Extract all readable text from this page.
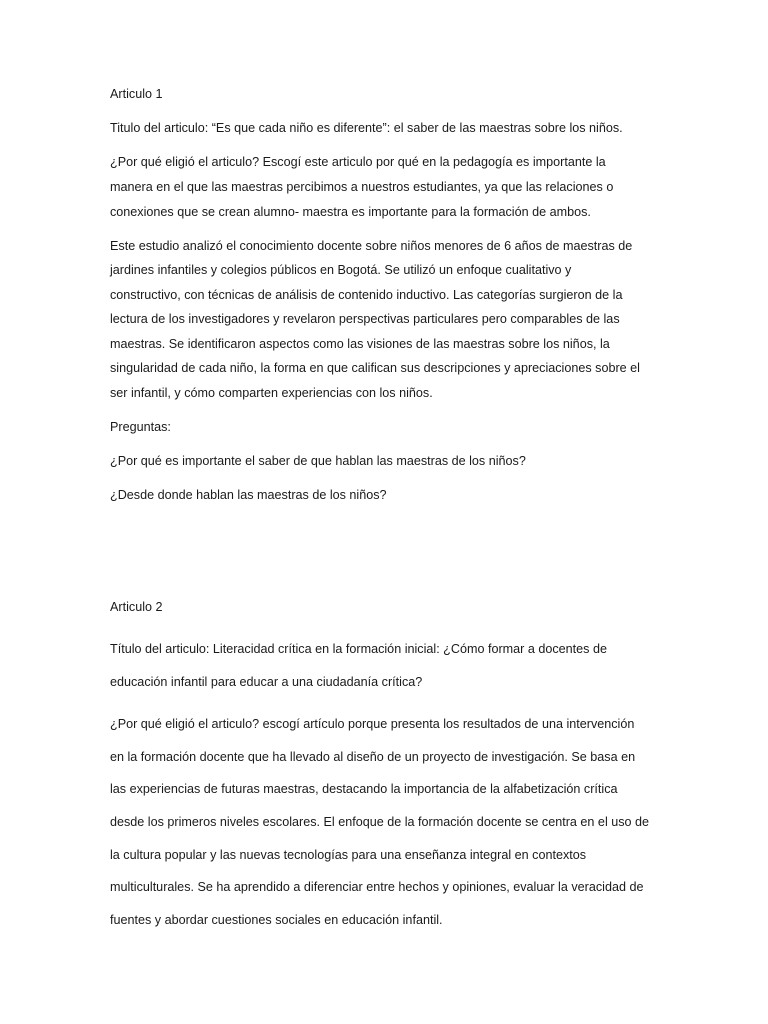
Articulo 1
Titulo del articulo: “Es que cada niño es diferente”: el saber de las maestras sobre los niños.
¿Por qué eligió el articulo? Escogí este articulo por qué en la pedagogía es importante la
manera en el que las maestras percibimos a nuestros estudiantes, ya que las relaciones o
conexiones que se crean alumno- maestra es importante para la formación de ambos.
Este estudio analizó el conocimiento docente sobre niños menores de 6 años de maestras de
jardines infantiles y colegios públicos en Bogotá. Se utilizó un enfoque cualitativo y
constructivo, con técnicas de análisis de contenido inductivo. Las categorías surgieron de la
lectura de los investigadores y revelaron perspectivas particulares pero comparables de las
maestras. Se identificaron aspectos como las visiones de las maestras sobre los niños, la
singularidad de cada niño, la forma en que califican sus descripciones y apreciaciones sobre el
ser infantil, y cómo comparten experiencias con los niños.
Preguntas:
¿Por qué es importante el saber de que hablan las maestras de los niños?
¿Desde donde hablan las maestras de los niños?
Articulo 2
Título del articulo: Literacidad crítica en la formación inicial: ¿Cómo formar a docentes de
educación infantil para educar a una ciudadanía crítica?
¿Por qué eligió el articulo? escogí artículo porque presenta los resultados de una intervención
en la formación docente que ha llevado al diseño de un proyecto de investigación. Se basa en
las experiencias de futuras maestras, destacando la importancia de la alfabetización crítica
desde los primeros niveles escolares. El enfoque de la formación docente se centra en el uso de
la cultura popular y las nuevas tecnologías para una enseñanza integral en contextos
multiculturales. Se ha aprendido a diferenciar entre hechos y opiniones, evaluar la veracidad de
fuentes y abordar cuestiones sociales en educación infantil.
